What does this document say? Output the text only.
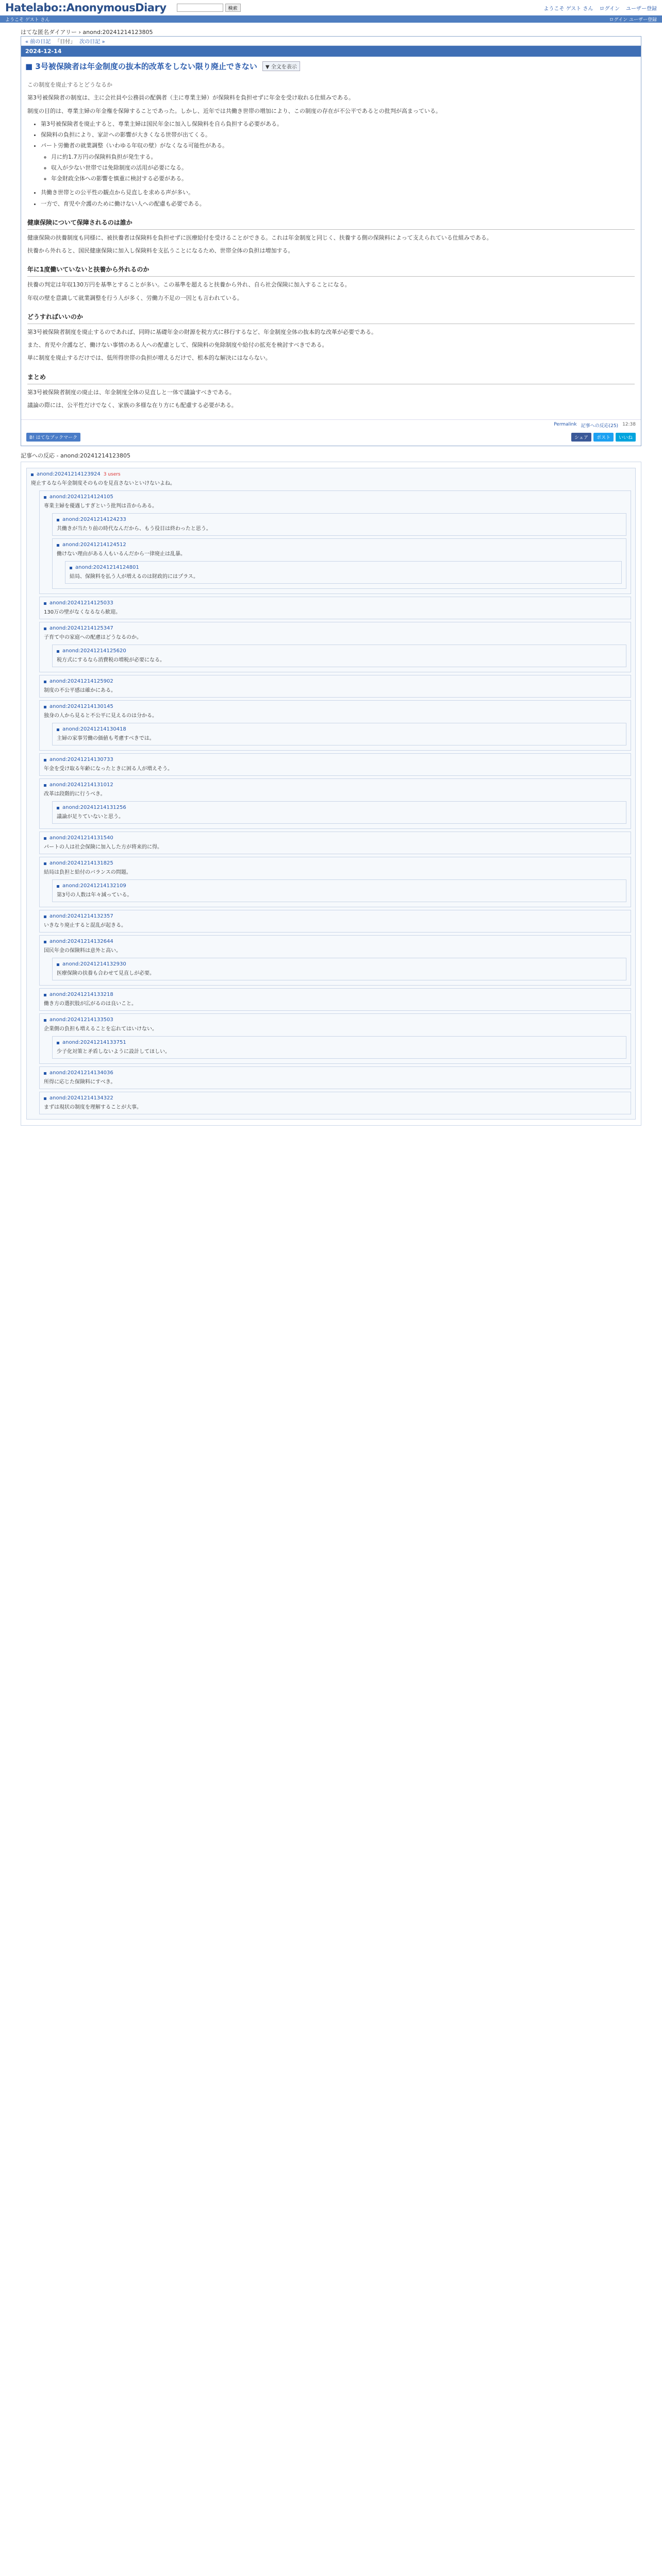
Hatelabo::AnonymousDiary	検索	ようこそ ゲスト さん ログイン ユーザー登録
ようこそ ゲスト さん	ログイン ユーザー登録
はてな匿名ダイアリー › anond:20241214123805
« 前の日記 「日付」 次の日記 »
2024-12-14
■ 3号被保険者は年金制度の抜本的改革をしない限り廃止できない	▼ 全文を表示

この制度を廃止するとどうなるか

第3号被保険者の制度は、主に会社員や公務員の配偶者（主に専業主婦）が保険料を負担せずに年金を受け取れる仕組みである。

制度の目的は、専業主婦の年金権を保障することであった。しかし、近年では共働き世帯の増加により、この制度の存在が不公平であるとの批判が高まっている。

• 第3号被保険者を廃止すると、専業主婦は国民年金に加入し保険料を自ら負担する必要がある。
• 保険料の負担により、家計への影響が大きくなる世帯が出てくる。
• パート労働者の就業調整（いわゆる年収の壁）がなくなる可能性がある。
◦ 月に約1.7万円の保険料負担が発生する。
◦ 収入が少ない世帯では免除制度の活用が必要になる。
◦ 年金財政全体への影響を慎重に検討する必要がある。
• 共働き世帯との公平性の観点から見直しを求める声が多い。
• 一方で、育児や介護のために働けない人への配慮も必要である。
健康保険について保障されるのは誰か

健康保険の扶養制度も同様に、被扶養者は保険料を負担せずに医療給付を受けることができる。これは年金制度と同じく、扶養する側の保険料によって支えられている仕組みである。

扶養から外れると、国民健康保険に加入し保険料を支払うことになるため、世帯全体の負担は増加する。

年に1度働いていないと扶養から外れるのか

扶養の判定は年収130万円を基準とすることが多い。この基準を超えると扶養から外れ、自ら社会保険に加入することになる。

年収の壁を意識して就業調整を行う人が多く、労働力不足の一因とも言われている。

どうすればいいのか

第3号被保険者制度を廃止するのであれば、同時に基礎年金の財源を税方式に移行するなど、年金制度全体の抜本的な改革が必要である。

また、育児や介護など、働けない事情のある人への配慮として、保険料の免除制度や給付の拡充を検討すべきである。

単に制度を廃止するだけでは、低所得世帯の負担が増えるだけで、根本的な解決にはならない。

まとめ

第3号被保険者制度の廃止は、年金制度全体の見直しと一体で議論すべきである。

議論の際には、公平性だけでなく、家族の多様な在り方にも配慮する必要がある。

Permalink 記事への反応(25) 12:38
B! はてなブックマーク	シェア	ポスト	いいね
記事への反応 - anond:20241214123805
anond:20241214123924 3 users
廃止するなら年金制度そのものを見直さないといけないよね。
anond:20241214124105
専業主婦を優遇しすぎという批判は昔からある。
anond:20241214124233
共働きが当たり前の時代なんだから、もう役目は終わったと思う。
anond:20241214124512
働けない理由がある人もいるんだから一律廃止は乱暴。
anond:20241214124801
結局、保険料を払う人が増えるのは財政的にはプラス。
anond:20241214125033
130万の壁がなくなるなら歓迎。
anond:20241214125347
子育て中の家庭への配慮はどうなるのか。
anond:20241214125620
税方式にするなら消費税の増税が必要になる。
anond:20241214125902
制度の不公平感は確かにある。
anond:20241214130145
独身の人から見ると不公平に見えるのは分かる。
anond:20241214130418
主婦の家事労働の価値も考慮すべきでは。
anond:20241214130733
年金を受け取る年齢になったときに困る人が増えそう。
anond:20241214131012
改革は段階的に行うべき。
anond:20241214131256
議論が足りていないと思う。
anond:20241214131540
パートの人は社会保険に加入した方が将来的に得。
anond:20241214131825
結局は負担と給付のバランスの問題。
anond:20241214132109
第3号の人数は年々減っている。
anond:20241214132357
いきなり廃止すると混乱が起きる。
anond:20241214132644
国民年金の保険料は意外と高い。
anond:20241214132930
医療保険の扶養も合わせて見直しが必要。
anond:20241214133218
働き方の選択肢が広がるのは良いこと。
anond:20241214133503
企業側の負担も増えることを忘れてはいけない。
anond:20241214133751
少子化対策と矛盾しないように設計してほしい。
anond:20241214134036
所得に応じた保険料にすべき。
anond:20241214134322
まずは現状の制度を理解することが大事。
